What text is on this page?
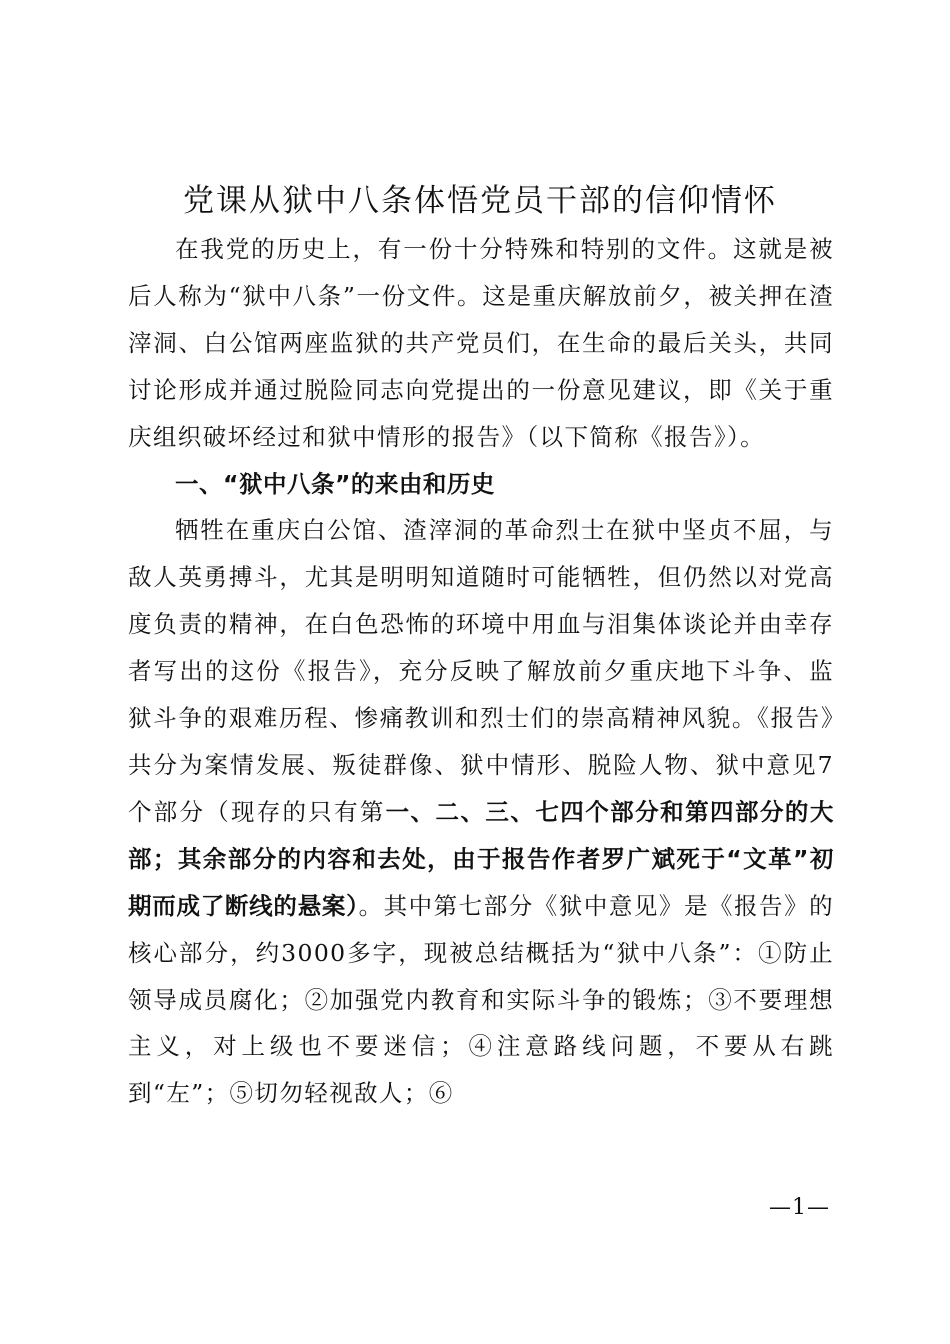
党课从狱中八条体悟党员干部的信仰情怀

在我党的历史上，有一份十分特殊和特别的文件。这就是被后人称为“狱中八条”一份文件。这是重庆解放前夕，被关押在渣滓洞、白公馆两座监狱的共产党员们，在生命的最后关头，共同讨论形成并通过脱险同志向党提出的一份意见建议，即《关于重庆组织破坏经过和狱中情形的报告》（以下简称《报告》）。

一、“狱中八条”的来由和历史

牺牲在重庆白公馆、渣滓洞的革命烈士在狱中坚贞不屈，与敌人英勇搏斗，尤其是明明知道随时可能牺牲，但仍然以对党高度负责的精神，在白色恐怖的环境中用血与泪集体谈论并由幸存者写出的这份《报告》，充分反映了解放前夕重庆地下斗争、监狱斗争的艰难历程、惨痛教训和烈士们的崇高精神风貌。《报告》共分为案情发展、叛徒群像、狱中情形、脱险人物、狱中意见7个部分（现存的只有第一、二、三、七四个部分和第四部分的大部；其余部分的内容和去处，由于报告作者罗广斌死于“文革”初期而成了断线的悬案）。其中第七部分《狱中意见》是《报告》的核心部分，约3000多字，现被总结概括为“狱中八条”：①防止领导成员腐化；②加强党内教育和实际斗争的锻炼；③不要理想主义，对上级也不要迷信；④注意路线问题，不要从右跳到“左”；⑤切勿轻视敌人；⑥

—1—
